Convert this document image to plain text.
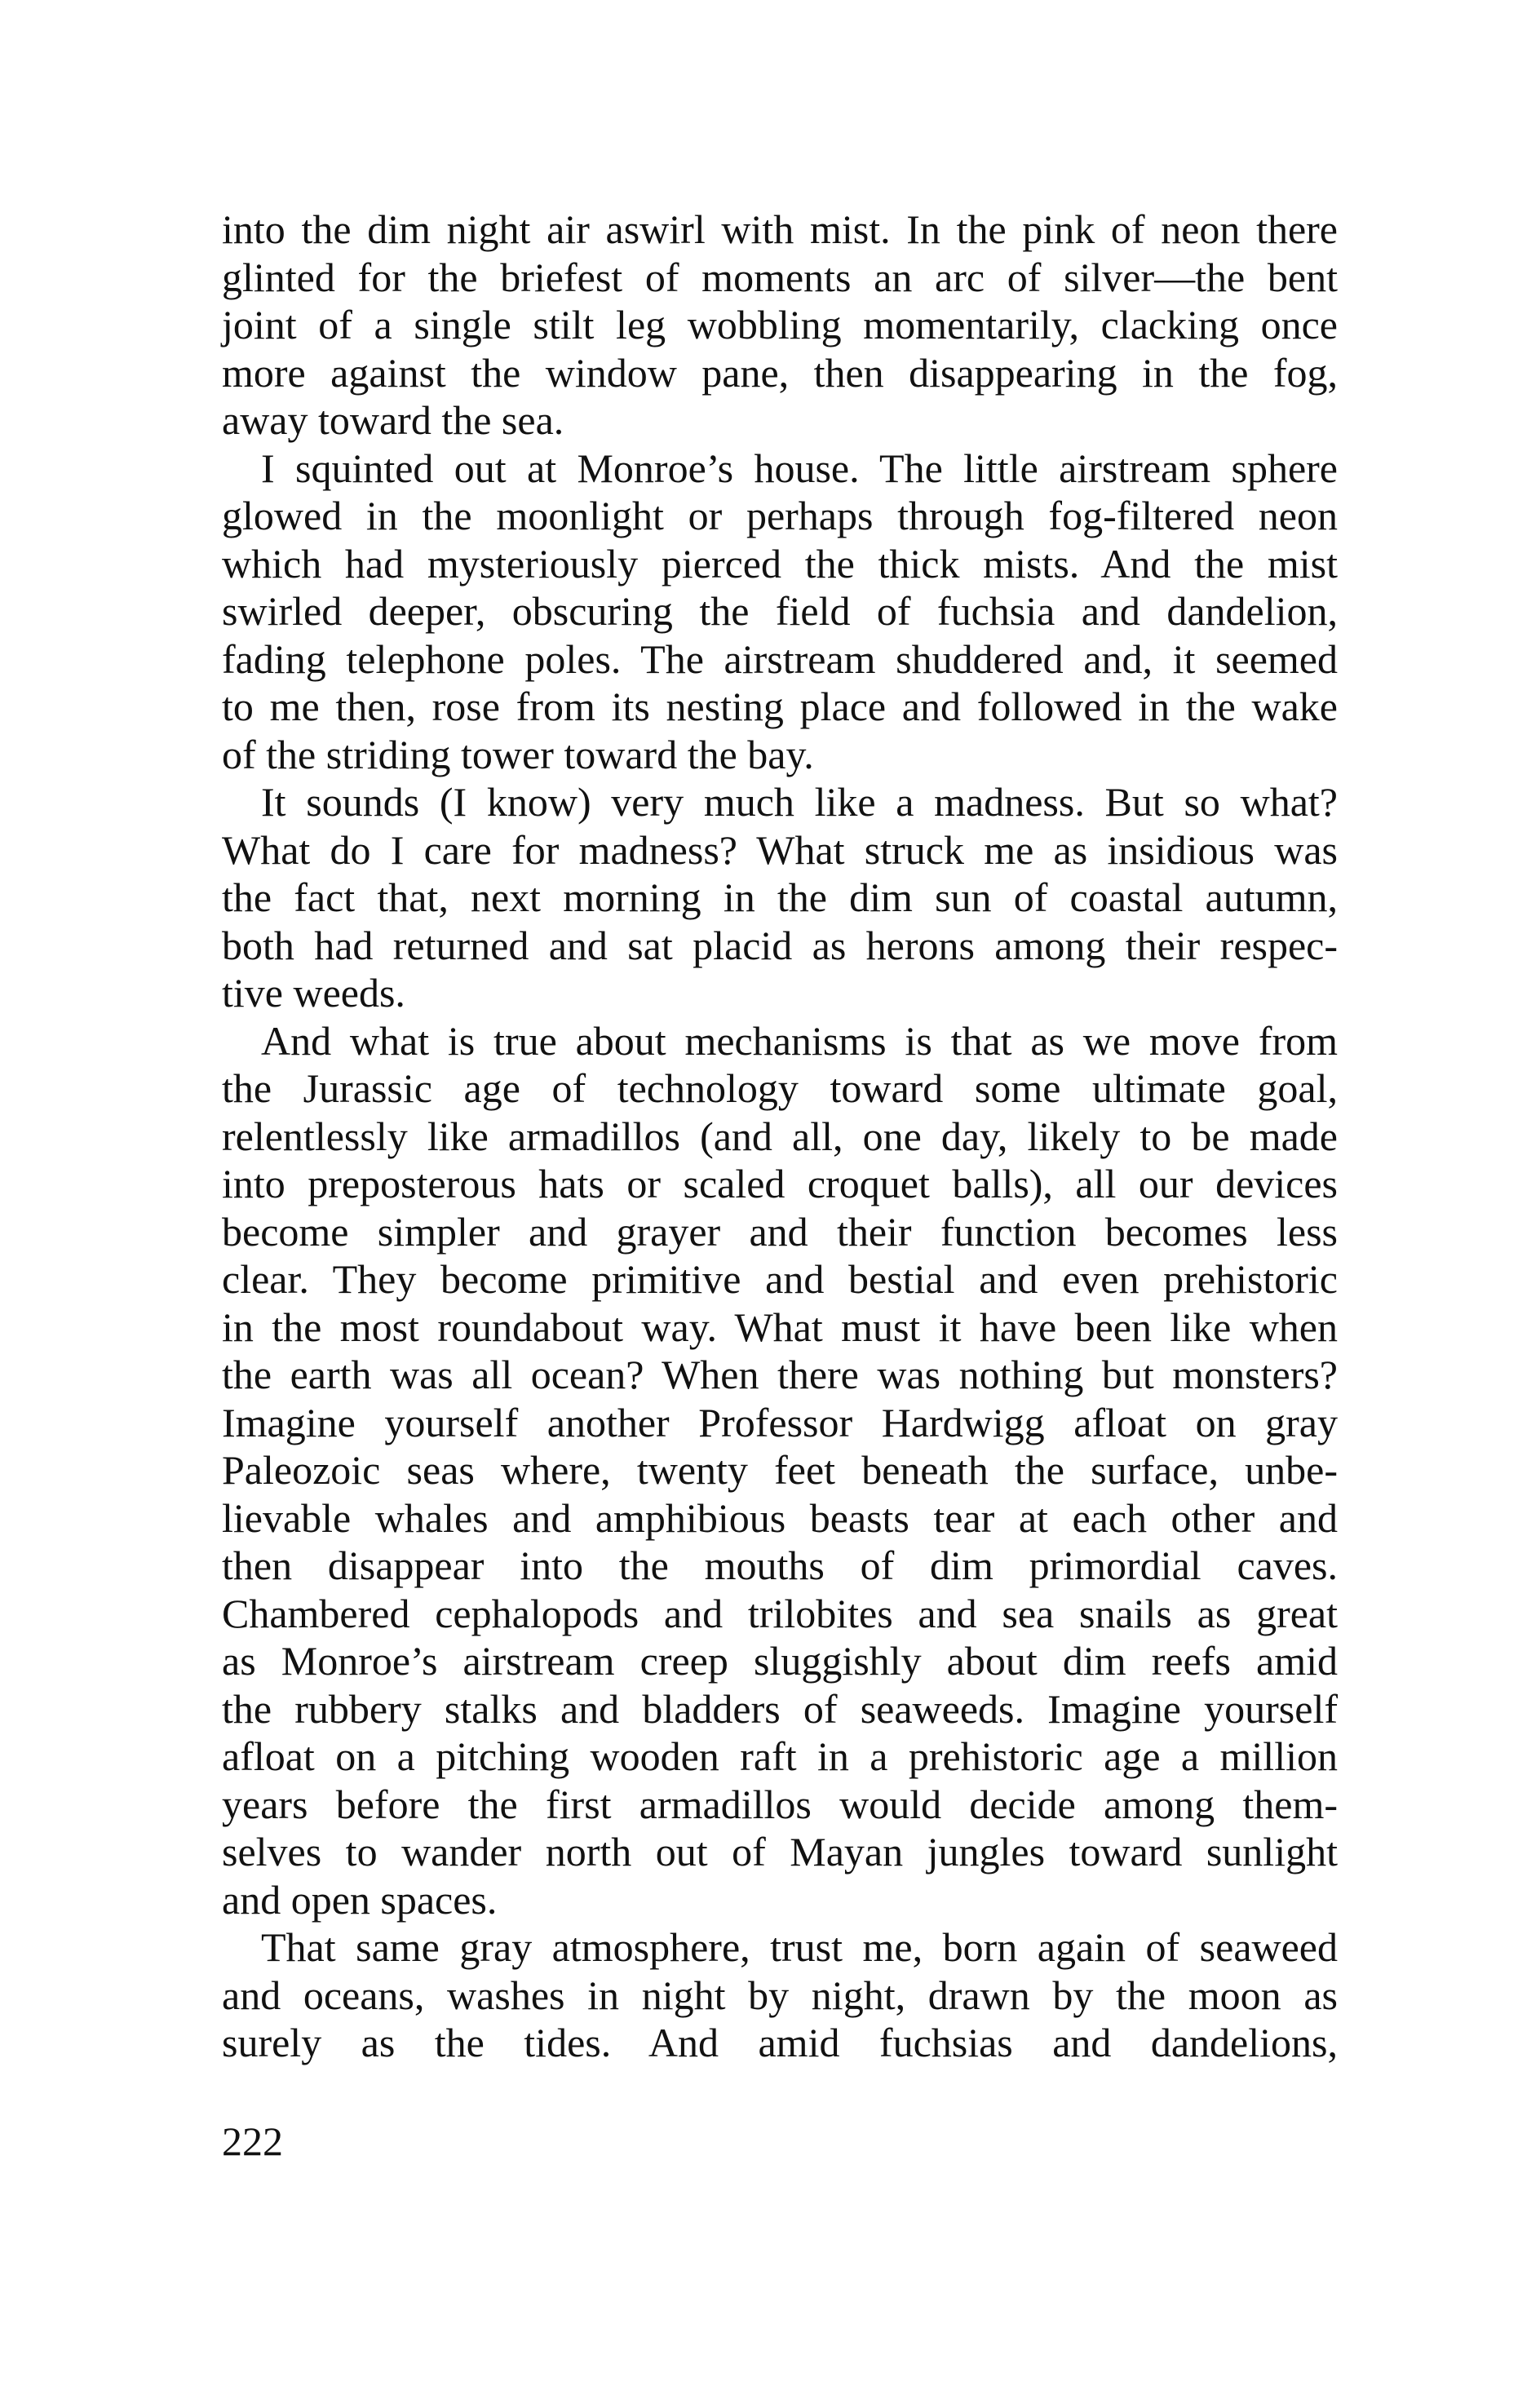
into the dim night air aswirl with mist. In the pink of neon there
glinted for the briefest of moments an arc of silver—the bent
joint of a single stilt leg wobbling momentarily, clacking once
more against the window pane, then disappearing in the fog,
away toward the sea.
I squinted out at Monroe’s house. The little airstream sphere
glowed in the moonlight or perhaps through fog-filtered neon
which had mysteriously pierced the thick mists. And the mist
swirled deeper, obscuring the field of fuchsia and dandelion,
fading telephone poles. The airstream shuddered and, it seemed
to me then, rose from its nesting place and followed in the wake
of the striding tower toward the bay.
It sounds (I know) very much like a madness. But so what?
What do I care for madness? What struck me as insidious was
the fact that, next morning in the dim sun of coastal autumn,
both had returned and sat placid as herons among their respec-
tive weeds.
And what is true about mechanisms is that as we move from
the Jurassic age of technology toward some ultimate goal,
relentlessly like armadillos (and all, one day, likely to be made
into preposterous hats or scaled croquet balls), all our devices
become simpler and grayer and their function becomes less
clear. They become primitive and bestial and even prehistoric
in the most roundabout way. What must it have been like when
the earth was all ocean? When there was nothing but monsters?
Imagine yourself another Professor Hardwigg afloat on gray
Paleozoic seas where, twenty feet beneath the surface, unbe-
lievable whales and amphibious beasts tear at each other and
then disappear into the mouths of dim primordial caves.
Chambered cephalopods and trilobites and sea snails as great
as Monroe’s airstream creep sluggishly about dim reefs amid
the rubbery stalks and bladders of seaweeds. Imagine yourself
afloat on a pitching wooden raft in a prehistoric age a million
years before the first armadillos would decide among them-
selves to wander north out of Mayan jungles toward sunlight
and open spaces.
That same gray atmosphere, trust me, born again of seaweed
and oceans, washes in night by night, drawn by the moon as
surely as the tides. And amid fuchsias and dandelions,
222
